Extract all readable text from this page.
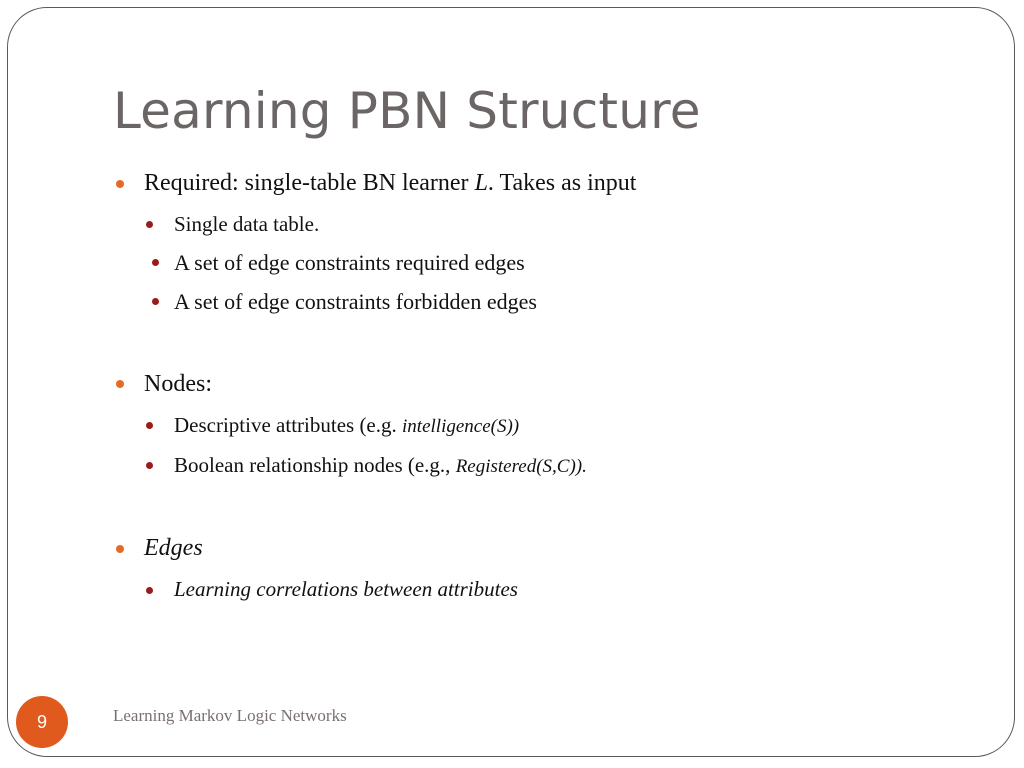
Learning PBN Structure
Required: single-table BN learner L. Takes as input
Single data table.
A set of edge constraints required edges
A set of edge constraints forbidden edges
Nodes:
Descriptive attributes (e.g. intelligence(S))
Boolean relationship nodes (e.g., Registered(S,C)).
Edges
Learning correlations between attributes
Learning Markov Logic Networks
9
